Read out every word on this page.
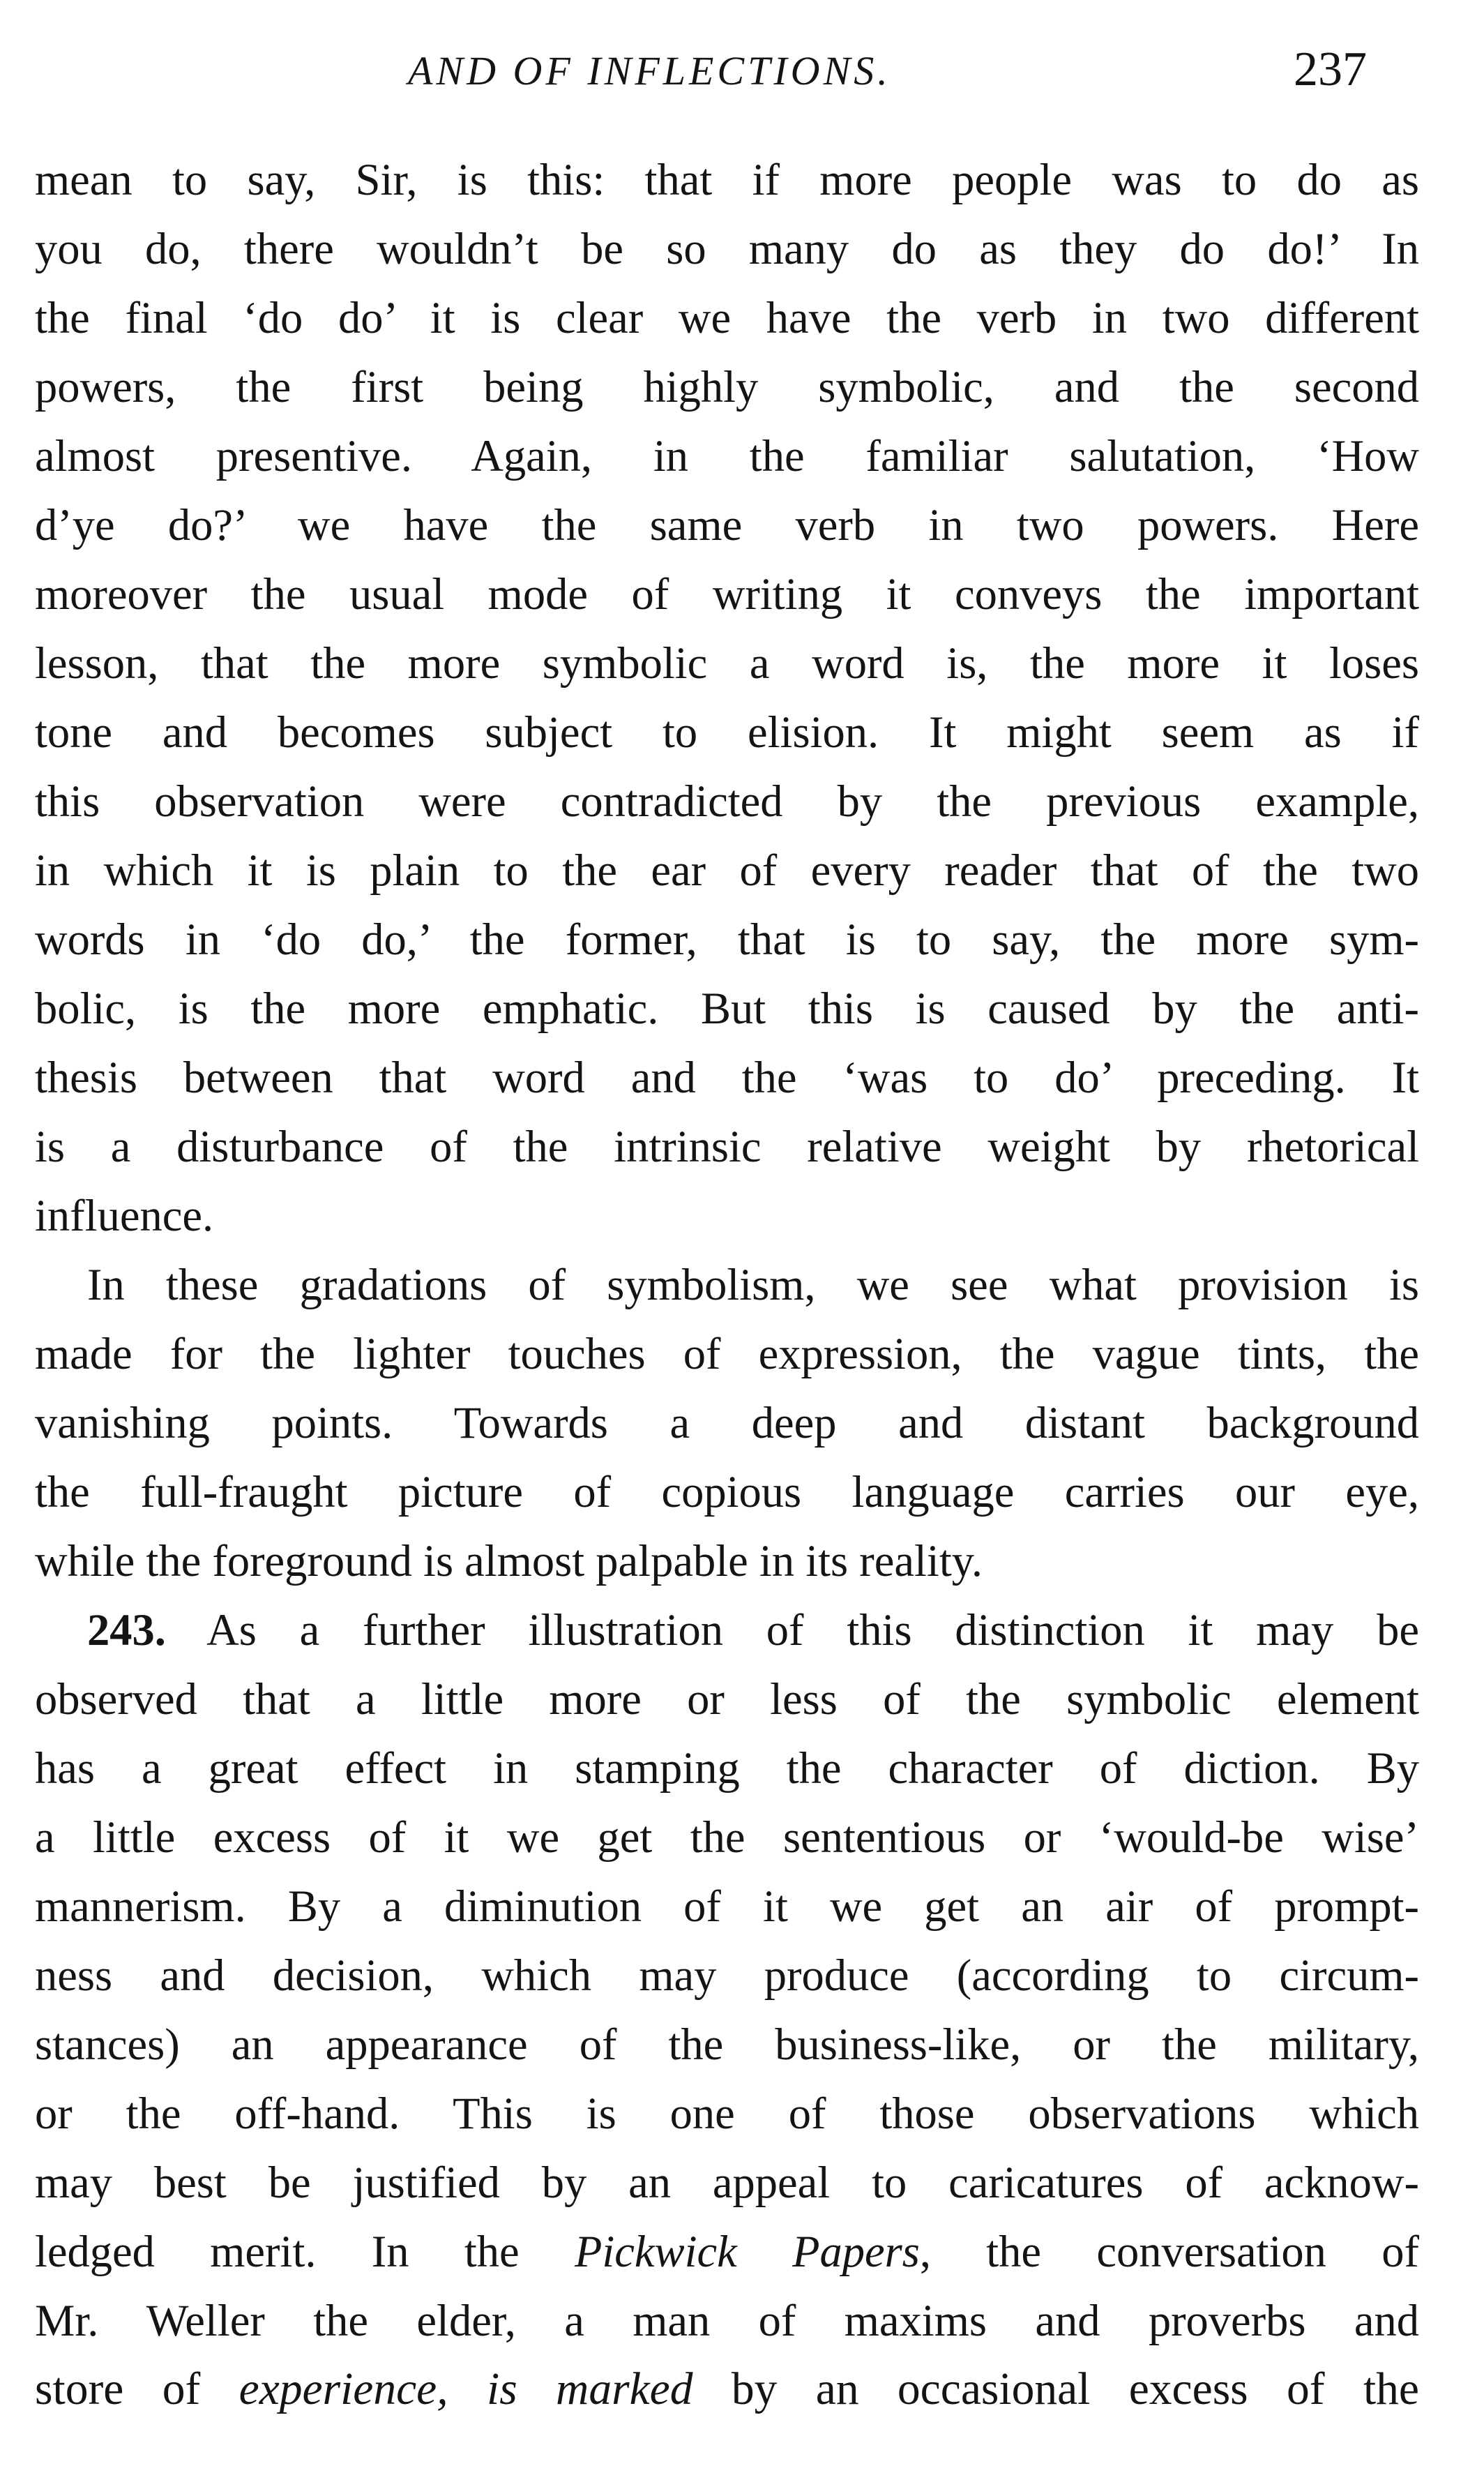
AND OF INFLECTIONS.	237
mean to say, Sir, is this: that if more people was to do as
you do, there wouldn’t be so many do as they do do!’ In
the final ‘do do’ it is clear we have the verb in two different
powers, the first being highly symbolic, and the second
almost presentive. Again, in the familiar salutation, ‘How
d’ye do?’ we have the same verb in two powers. Here
moreover the usual mode of writing it conveys the important
lesson, that the more symbolic a word is, the more it loses
tone and becomes subject to elision. It might seem as if
this observation were contradicted by the previous example,
in which it is plain to the ear of every reader that of the two
words in ‘do do,’ the former, that is to say, the more sym-
bolic, is the more emphatic. But this is caused by the anti-
thesis between that word and the ‘was to do’ preceding. It
is a disturbance of the intrinsic relative weight by rhetorical
influence.
In these gradations of symbolism, we see what provision is
made for the lighter touches of expression, the vague tints, the
vanishing points. Towards a deep and distant background
the full-fraught picture of copious language carries our eye,
while the foreground is almost palpable in its reality.
243. As a further illustration of this distinction it may be
observed that a little more or less of the symbolic element
has a great effect in stamping the character of diction. By
a little excess of it we get the sententious or ‘would-be wise’
mannerism. By a diminution of it we get an air of prompt-
ness and decision, which may produce (according to circum-
stances) an appearance of the business-like, or the military,
or the off-hand. This is one of those observations which
may best be justified by an appeal to caricatures of acknow-
ledged merit. In the Pickwick Papers, the conversation of
Mr. Weller the elder, a man of maxims and proverbs and
store of experience, is marked by an occasional excess of the
